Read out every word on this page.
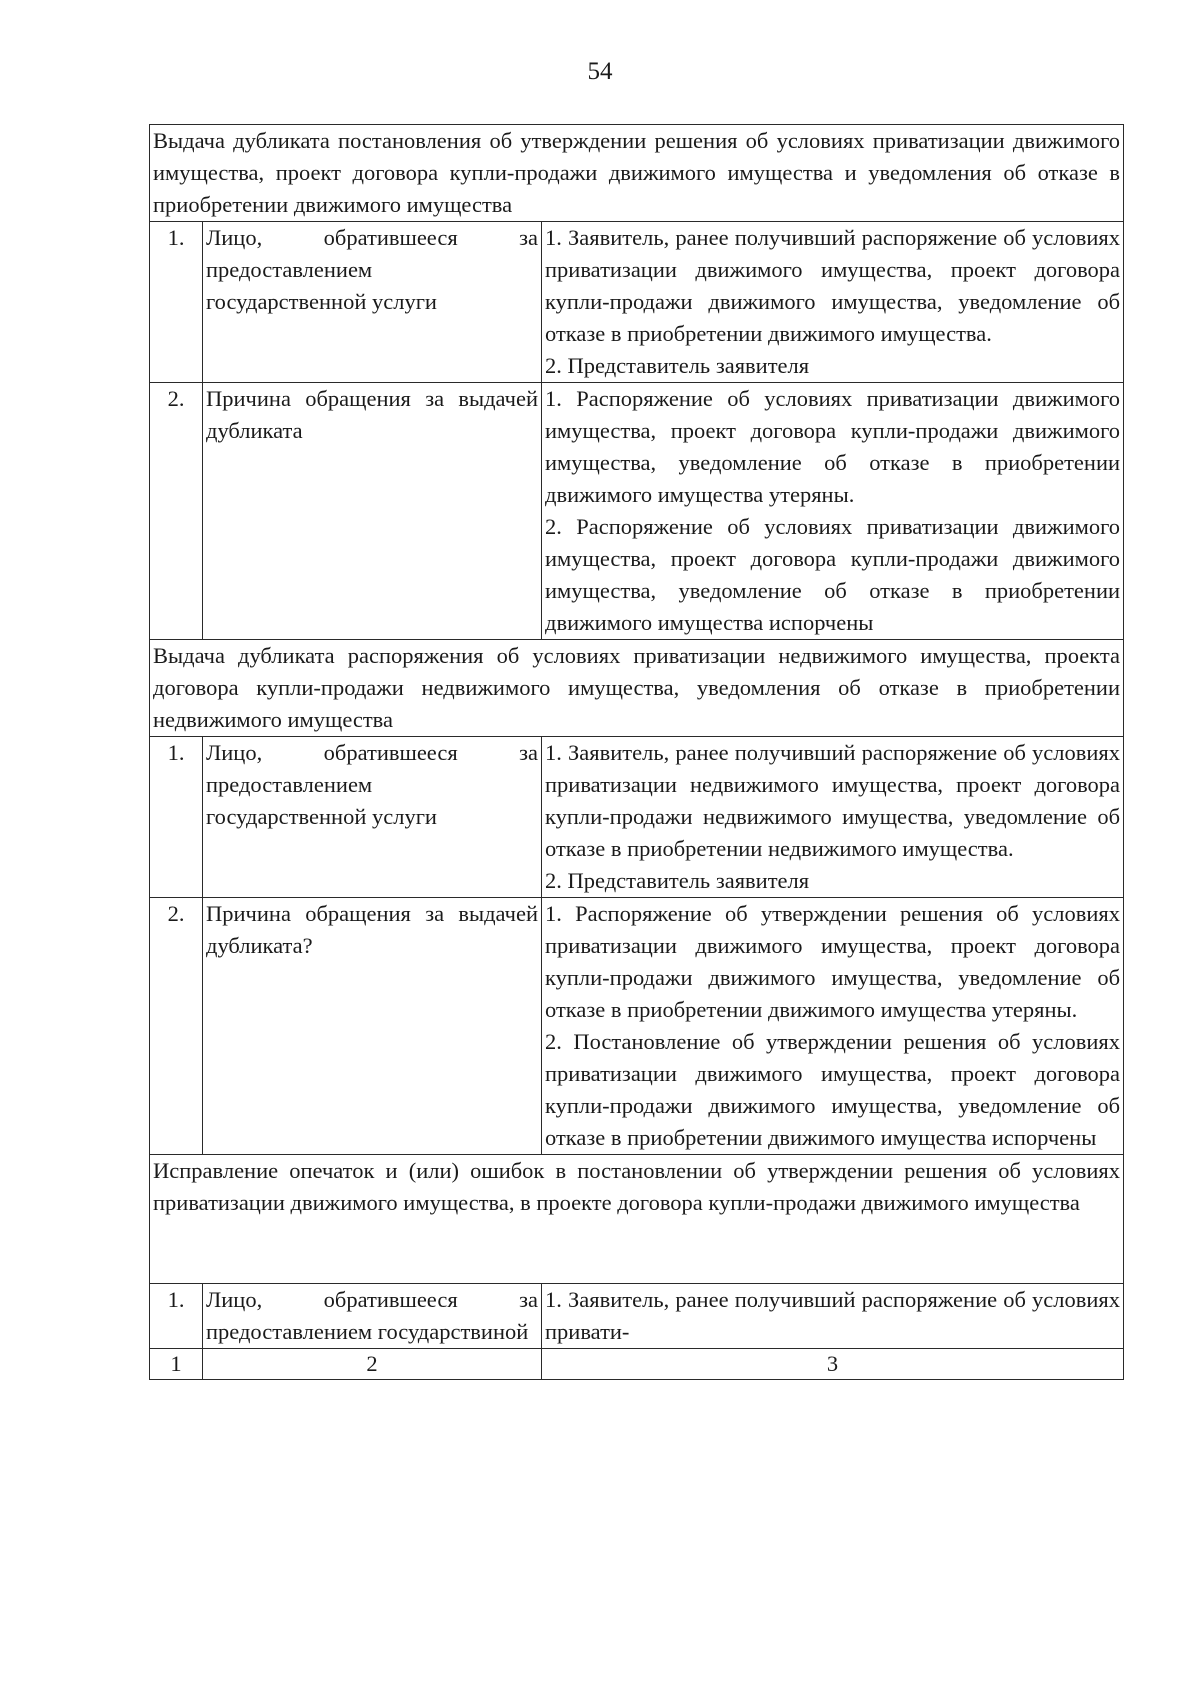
54
Выдача дубликата постановления об утверждении решения об условиях приватизации движимого имущества, проект договора купли-продажи движимого имущества и уведомления об отказе в приобретении движимого имущества		
1.	Лицо, обратившееся за предоставлением государственной услуги	1. Заявитель, ранее получивший распоряжение об условиях приватизации движимого имущества, проект договора купли-продажи движимого имущества, уведомление об отказе в приобретении движимого имущества.
2. Представитель заявителя

2.	Причина обращения за выдачей дубликата	1. Распоряжение об условиях приватизации движимого имущества, проект договора купли-продажи движимого имущества, уведомление об отказе в приобретении движимого имущества утеряны.
2. Распоряжение об условиях приватизации движимого имущества, проект договора купли-продажи движимого имущества, уведомление об отказе в приобретении движимого имущества испорчены

Выдача дубликата распоряжения об условиях приватизации недвижимого имущества, проекта договора купли-продажи недвижимого имущества, уведомления об отказе в приобретении недвижимого имущества		
1.	Лицо, обратившееся за предоставлением государственной услуги	1. Заявитель, ранее получивший распоряжение об условиях приватизации недвижимого имущества, проект договора купли-продажи недвижимого имущества, уведомление об отказе в приобретении недвижимого имущества.
2. Представитель заявителя

2.	Причина обращения за выдачей дубликата?	1. Распоряжение об утверждении решения об условиях приватизации движимого имущества, проект договора купли-продажи движимого имущества, уведомление об отказе в приобретении движимого имущества утеряны.
2. Постановление об утверждении решения об условиях приватизации движимого имущества, проект договора купли-продажи движимого имущества, уведомление об отказе в приобретении движимого имущества испорчены

Исправление опечаток и (или) ошибок в постановлении об утверждении решения об условиях приватизации движимого имущества, в проекте договора купли-продажи движимого имущества		
1.	Лицо, обратившееся за предоставлением государствиной	1. Заявитель, ранее получивший распоряжение об условиях привати-

1	2	3
